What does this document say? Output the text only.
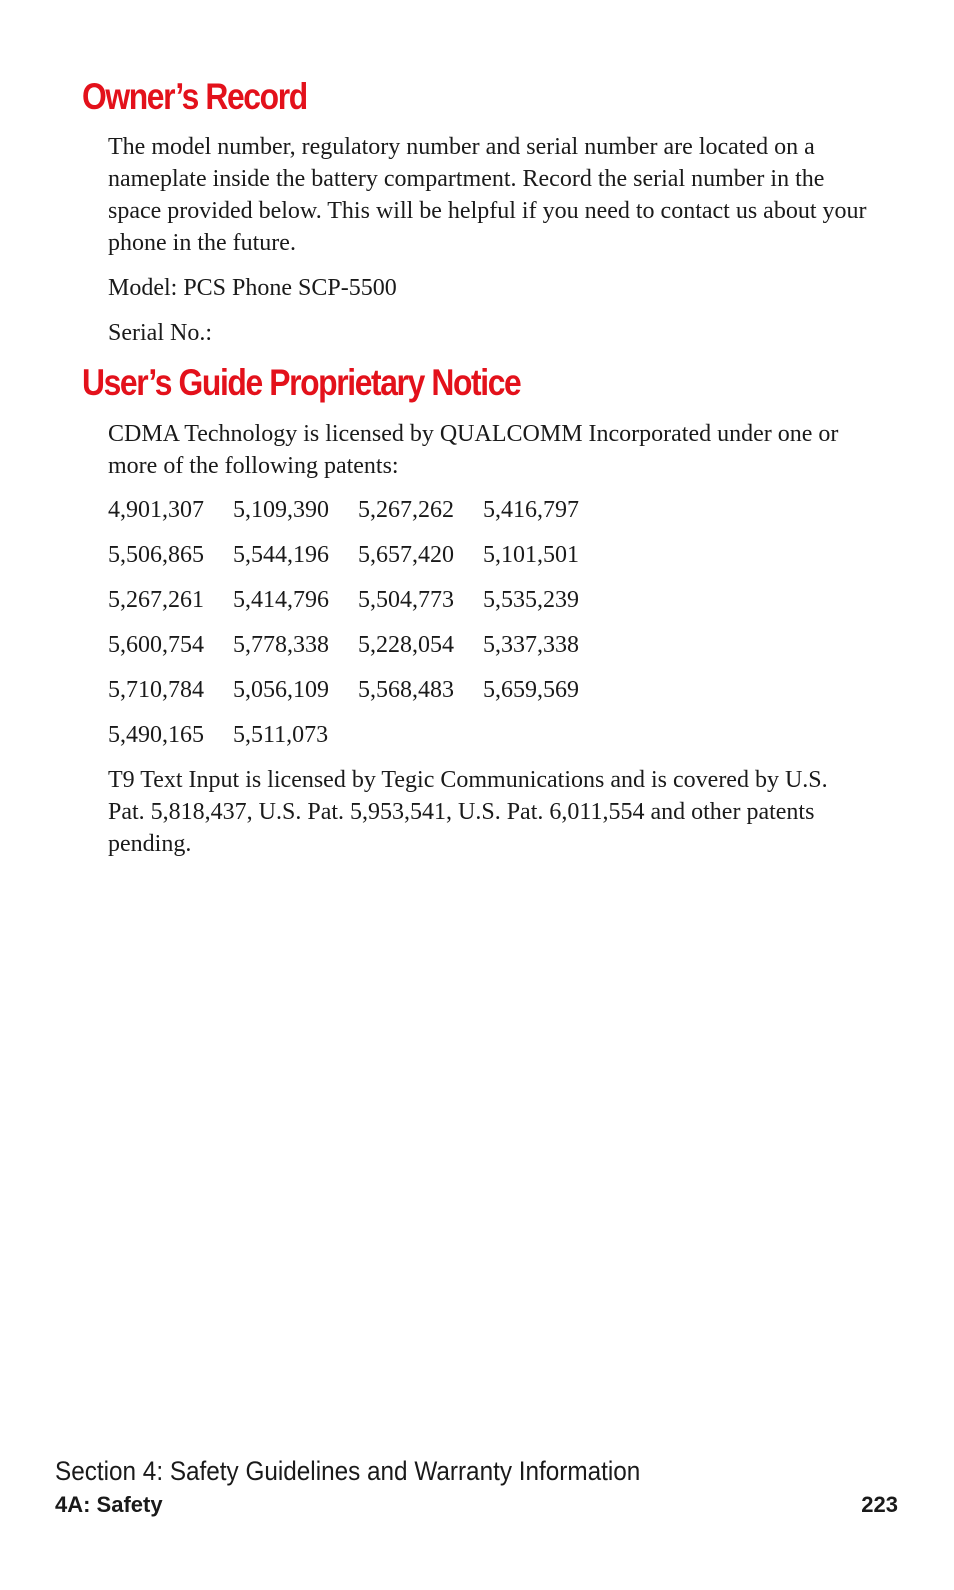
Owner’s Record

The model number, regulatory number and serial number are located on a nameplate inside the battery compartment. Record the serial number in the space provided below. This will be helpful if you need to contact us about your phone in the future.

Model: PCS Phone SCP-5500

Serial No.:

User’s Guide Proprietary Notice

CDMA Technology is licensed by QUALCOMM Incorporated under one or more of the following patents:

4,901,307 5,109,390 5,267,262 5,416,797
5,506,865 5,544,196 5,657,420 5,101,501
5,267,261 5,414,796 5,504,773 5,535,239
5,600,754 5,778,338 5,228,054 5,337,338
5,710,784 5,056,109 5,568,483 5,659,569
5,490,165 5,511,073

T9 Text Input is licensed by Tegic Communications and is covered by U.S. Pat. 5,818,437, U.S. Pat. 5,953,541, U.S. Pat. 6,011,554 and other patents pending.

Section 4: Safety Guidelines and Warranty Information
4A: Safety	223
